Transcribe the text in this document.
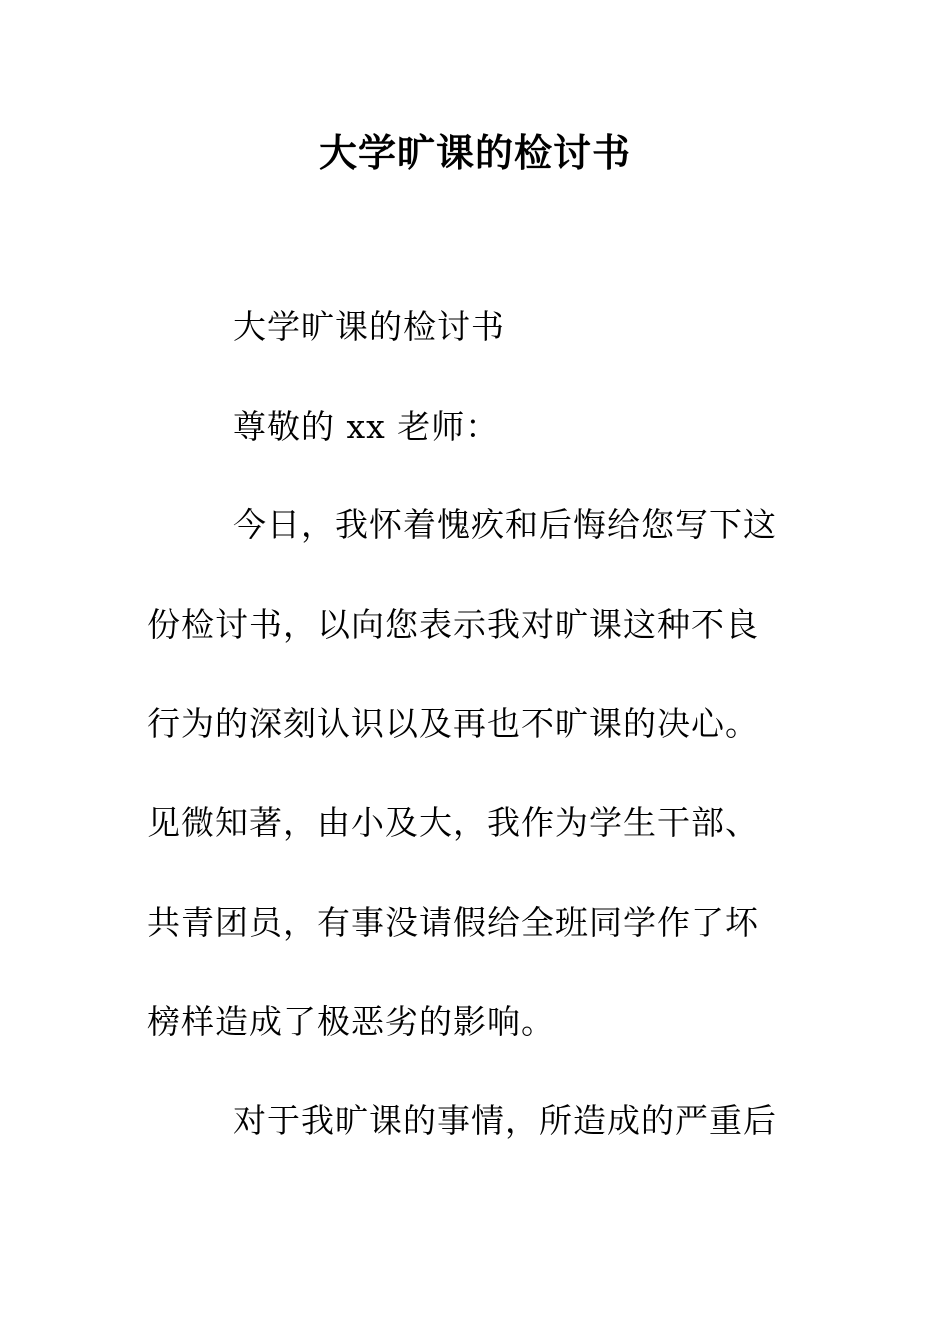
大学旷课的检讨书
大学旷课的检讨书
尊敬的 xx 老师：
今日，我怀着愧疚和后悔给您写下这
份检讨书，以向您表示我对旷课这种不良
行为的深刻认识以及再也不旷课的决心。
见微知著，由小及大，我作为学生干部、
共青团员，有事没请假给全班同学作了坏
榜样造成了极恶劣的影响。
对于我旷课的事情，所造成的严重后
